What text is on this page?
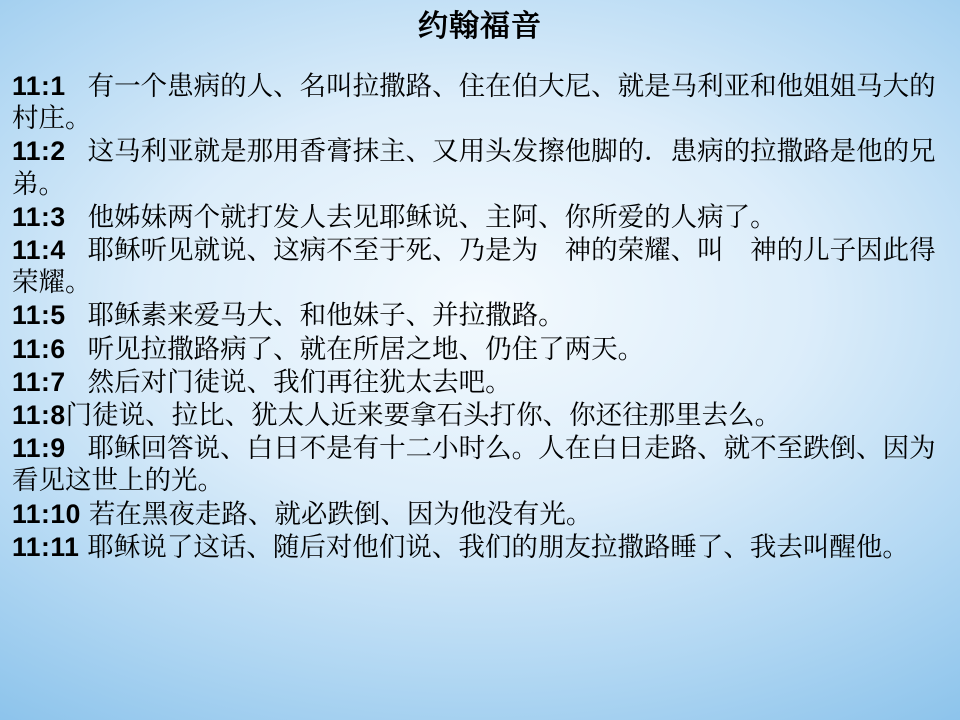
约翰福音

11:1 有一个患病的人、名叫拉撒路、住在伯大尼、就是马利亚和他姐姐马大的村庄。

11:2 这马利亚就是那用香膏抹主、又用头发擦他脚的．患病的拉撒路是他的兄弟。

11:3 他姊妹两个就打发人去见耶稣说、主阿、你所爱的人病了。

11:4 耶稣听见就说、这病不至于死、乃是为　神的荣耀、叫　神的儿子因此得荣耀。

11:5 耶稣素来爱马大、和他妹子、并拉撒路。

11:6 听见拉撒路病了、就在所居之地、仍住了两天。

11:7 然后对门徒说、我们再往犹太去吧。

11:8门徒说、拉比、犹太人近来要拿石头打你、你还往那里去么。

11:9 耶稣回答说、白日不是有十二小时么。人在白日走路、就不至跌倒、因为看见这世上的光。

11:10 若在黑夜走路、就必跌倒、因为他没有光。

11:11 耶稣说了这话、随后对他们说、我们的朋友拉撒路睡了、我去叫醒他。
